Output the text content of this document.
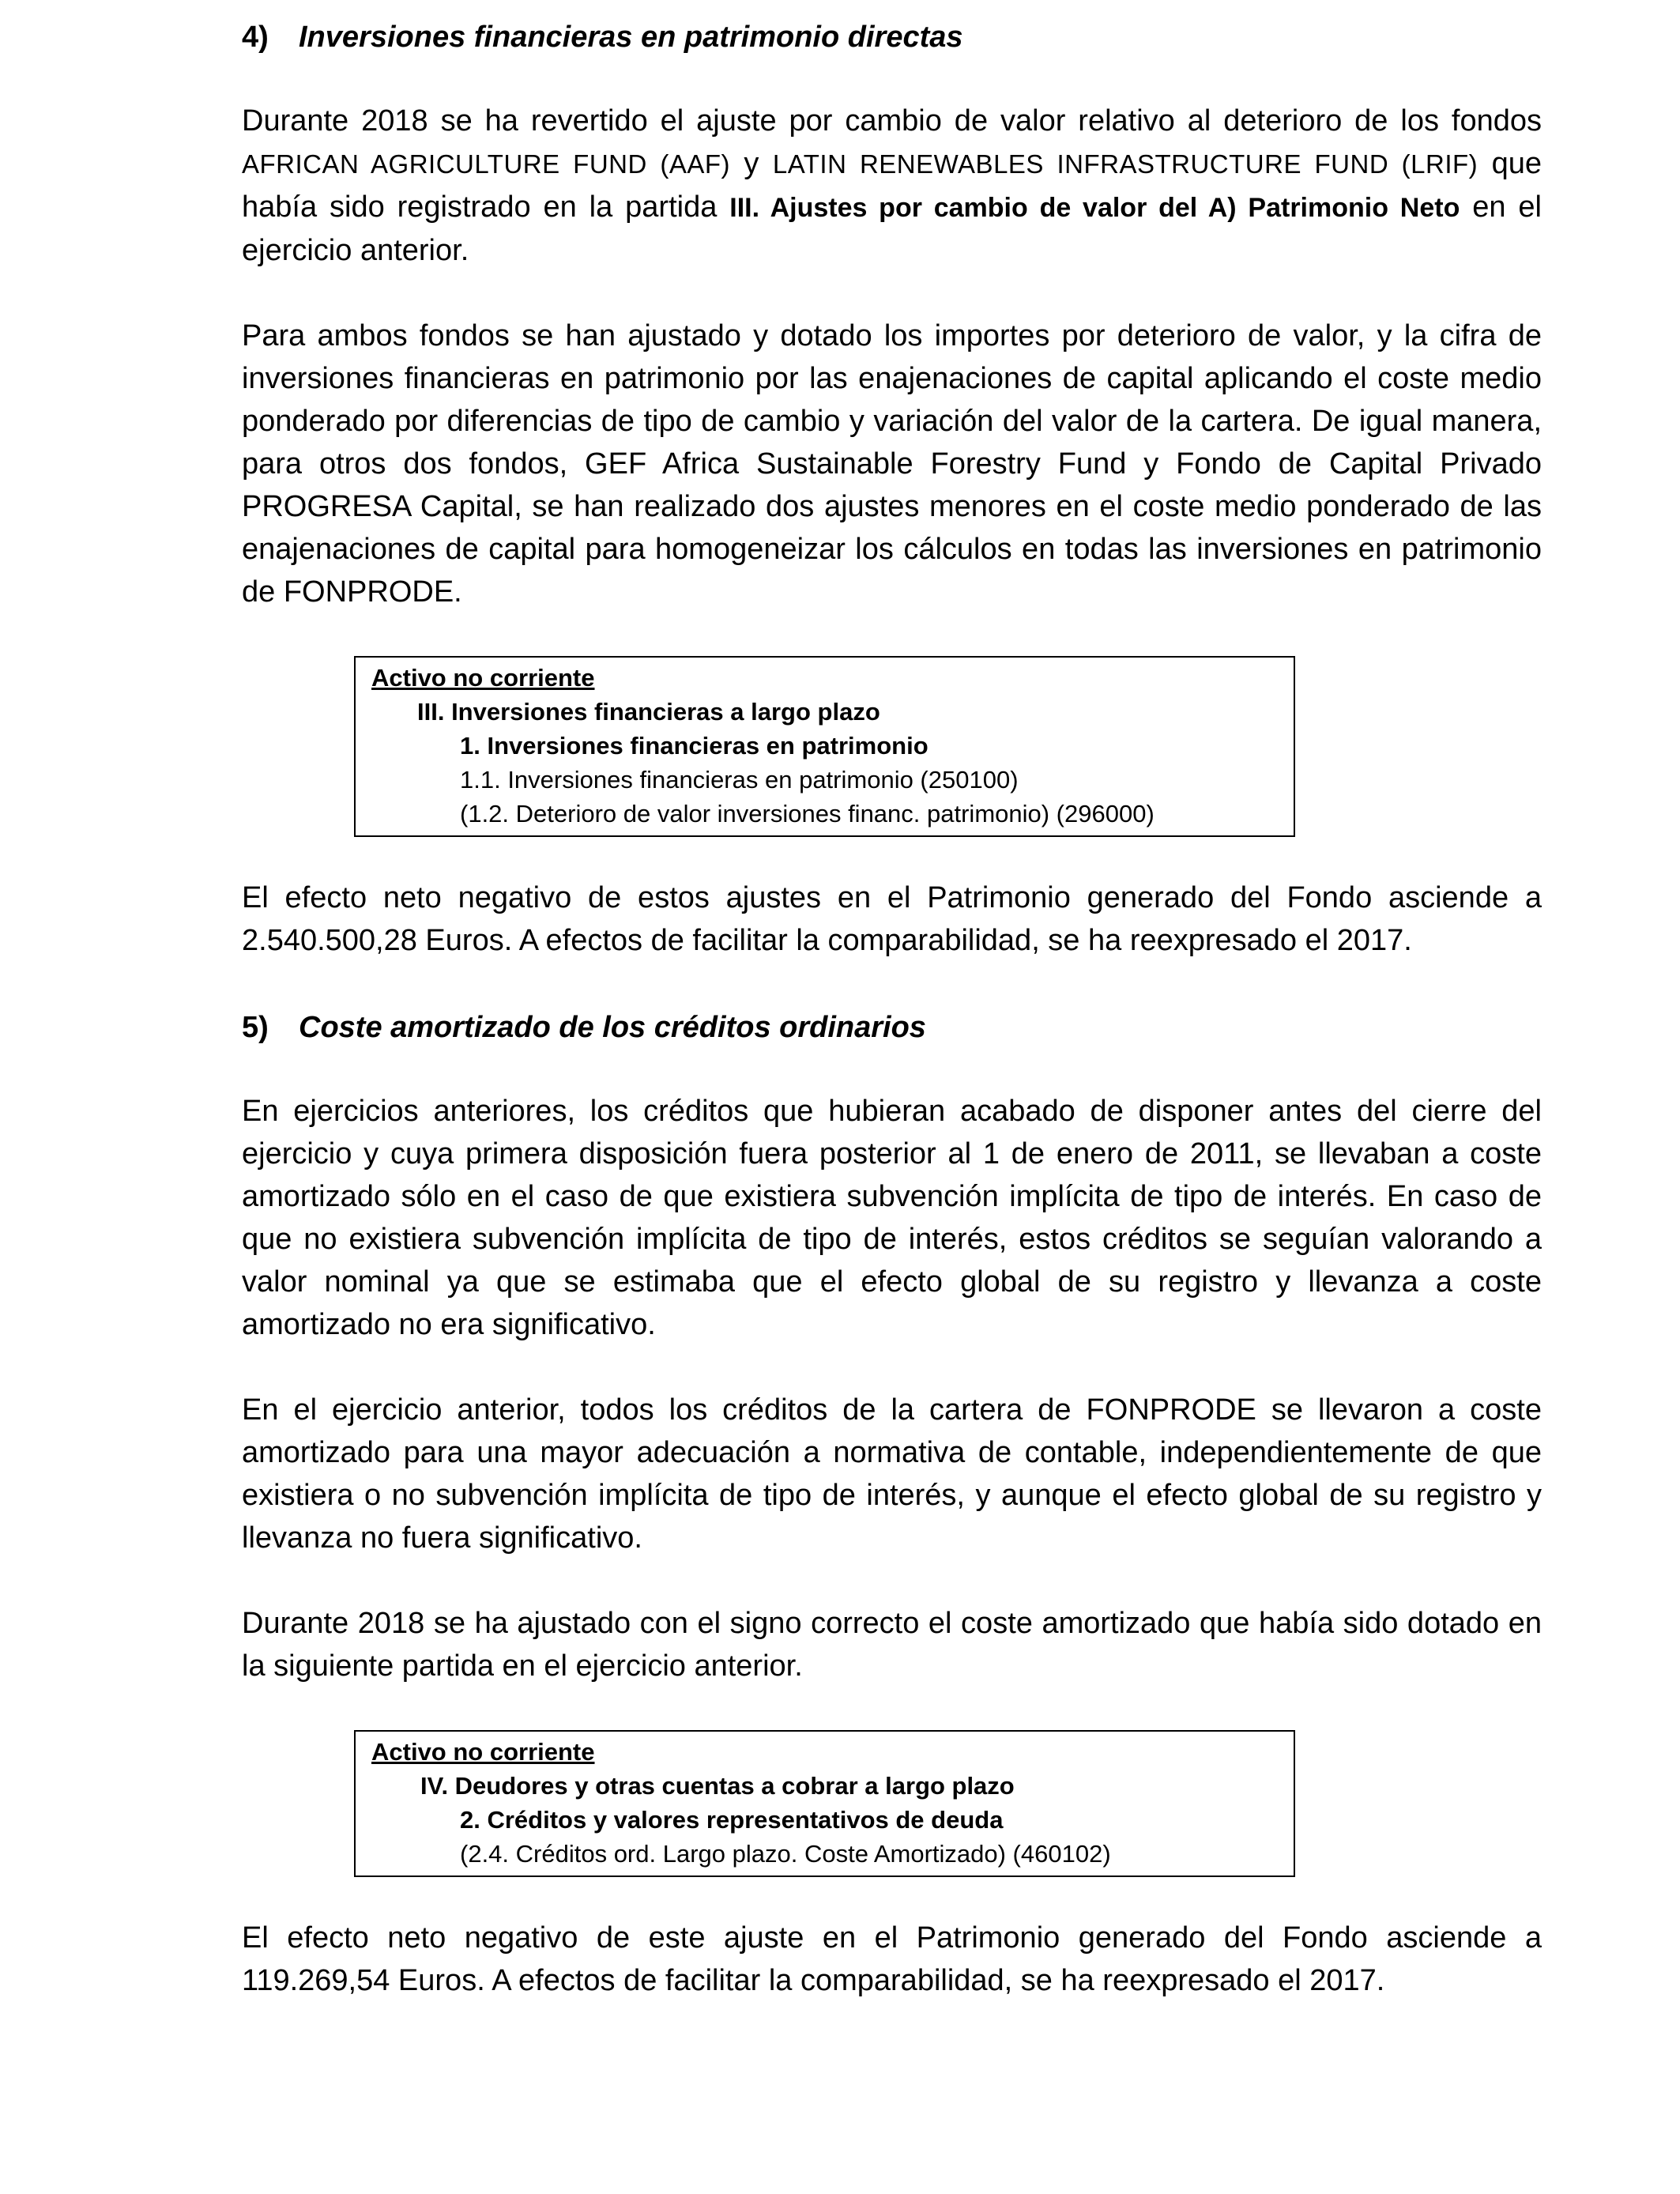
4)	Inversiones financieras en patrimonio directas

Durante 2018 se ha revertido el ajuste por cambio de valor relativo al deterioro de los fondos AFRICAN AGRICULTURE FUND (AAF) y LATIN RENEWABLES INFRASTRUCTURE FUND (LRIF) que había sido registrado en la partida III. Ajustes por cambio de valor del A) Patrimonio Neto en el ejercicio anterior.

Para ambos fondos se han ajustado y dotado los importes por deterioro de valor, y la cifra de inversiones financieras en patrimonio por las enajenaciones de capital aplicando el coste medio ponderado por diferencias de tipo de cambio y variación del valor de la cartera. De igual manera, para otros dos fondos, GEF Africa Sustainable Forestry Fund y Fondo de Capital Privado PROGRESA Capital, se han realizado dos ajustes menores en el coste medio ponderado de las enajenaciones de capital para homogeneizar los cálculos en todas las inversiones en patrimonio de FONPRODE.

Activo no corriente
III. Inversiones financieras a largo plazo
1. Inversiones financieras en patrimonio
1.1. Inversiones financieras en patrimonio (250100)
(1.2. Deterioro de valor inversiones financ. patrimonio) (296000)

El efecto neto negativo de estos ajustes en el Patrimonio generado del Fondo asciende a 2.540.500,28 Euros. A efectos de facilitar la comparabilidad, se ha reexpresado el 2017.

5)	Coste amortizado de los créditos ordinarios

En ejercicios anteriores, los créditos que hubieran acabado de disponer antes del cierre del ejercicio y cuya primera disposición fuera posterior al 1 de enero de 2011, se llevaban a coste amortizado sólo en el caso de que existiera subvención implícita de tipo de interés. En caso de que no existiera subvención implícita de tipo de interés, estos créditos se seguían valorando a valor nominal ya que se estimaba que el efecto global de su registro y llevanza a coste amortizado no era significativo.

En el ejercicio anterior, todos los créditos de la cartera de FONPRODE se llevaron a coste amortizado para una mayor adecuación a normativa de contable, independientemente de que existiera o no subvención implícita de tipo de interés, y aunque el efecto global de su registro y llevanza no fuera significativo.

Durante 2018 se ha ajustado con el signo correcto el coste amortizado que había sido dotado en la siguiente partida en el ejercicio anterior.

Activo no corriente
IV. Deudores y otras cuentas a cobrar a largo plazo
2. Créditos y valores representativos de deuda
(2.4. Créditos ord. Largo plazo. Coste Amortizado) (460102)

El efecto neto negativo de este ajuste en el Patrimonio generado del Fondo asciende a 119.269,54 Euros. A efectos de facilitar la comparabilidad, se ha reexpresado el 2017.
